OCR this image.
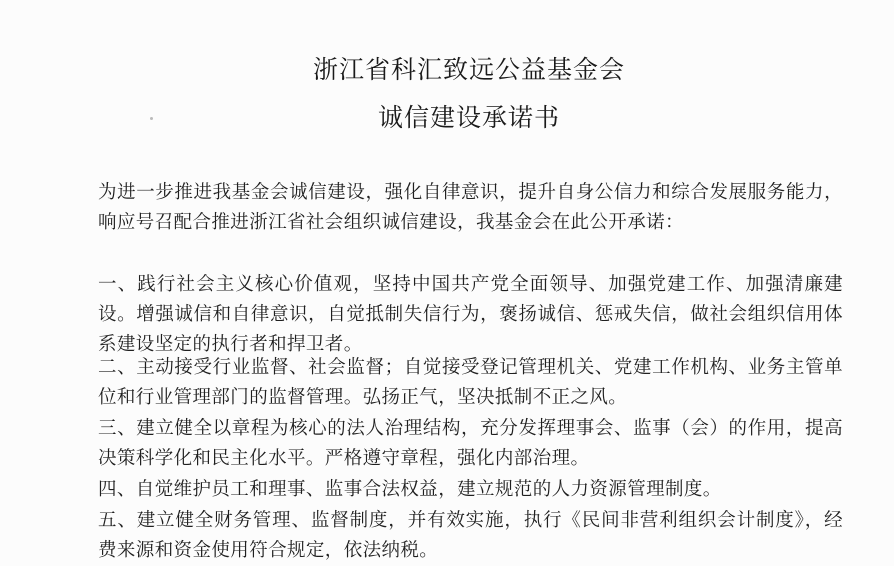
浙江省科汇致远公益基金会
诚信建设承诺书
为进一步推进我基金会诚信建设，强化自律意识，提升自身公信力和综合发展服务能力，响应号召配合推进浙江省社会组织诚信建设，我基金会在此公开承诺：
一、践行社会主义核心价值观，坚持中国共产党全面领导、加强党建工作、加强清廉建设。增强诚信和自律意识，自觉抵制失信行为，褒扬诚信、惩戒失信，做社会组织信用体系建设坚定的执行者和捍卫者。
二、主动接受行业监督、社会监督；自觉接受登记管理机关、党建工作机构、业务主管单位和行业管理部门的监督管理。弘扬正气，坚决抵制不正之风。
三、建立健全以章程为核心的法人治理结构，充分发挥理事会、监事（会）的作用，提高决策科学化和民主化水平。严格遵守章程，强化内部治理。
四、自觉维护员工和理事、监事合法权益，建立规范的人力资源管理制度。
五、建立健全财务管理、监督制度，并有效实施，执行《民间非营利组织会计制度》，经费来源和资金使用符合规定，依法纳税。
